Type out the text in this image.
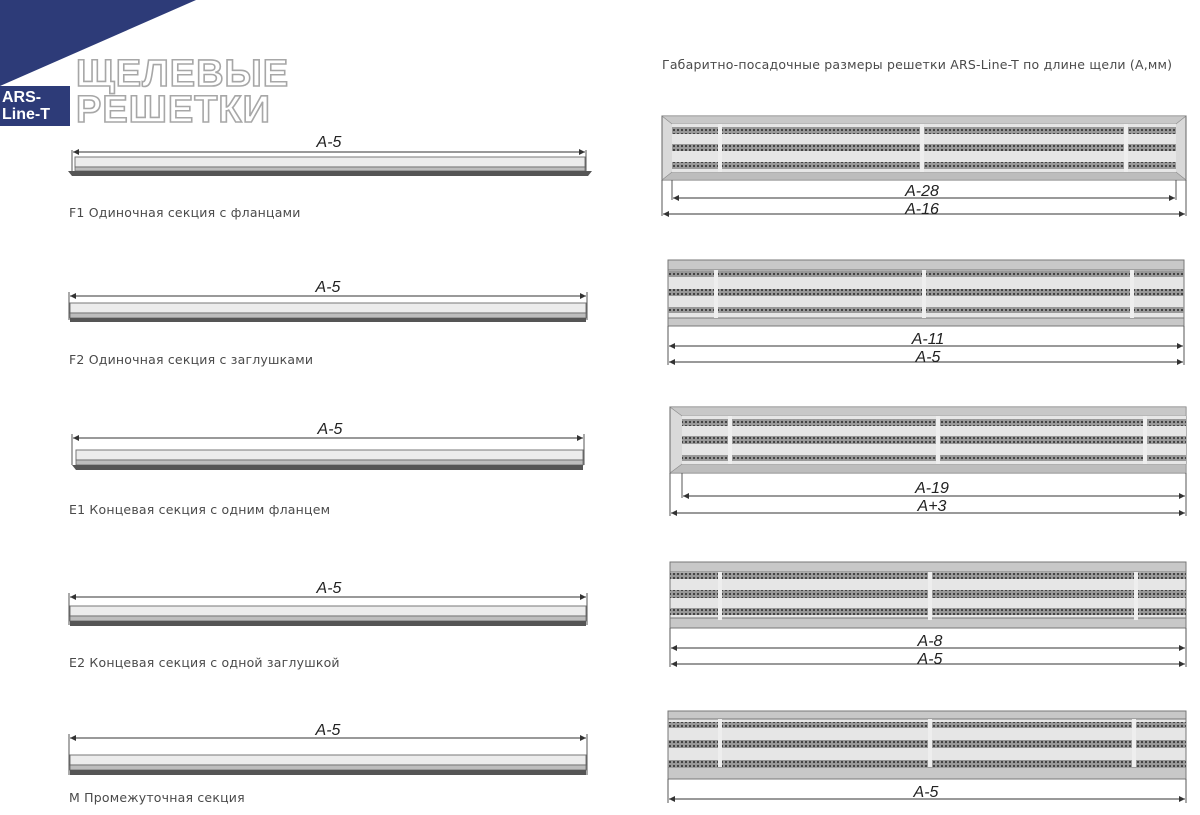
ARS-
Line-T
ЩЕЛЕВЫЕ
РЕШЕТКИ
A-5
A-5
A-5
A-5
A-5
F1 Одиночная секция с фланцами
F2 Одиночная секция с заглушками
E1 Концевая секция с одним фланцем
E2 Концевая секция с одной заглушкой
M Промежуточная секция
Габаритно-посадочные размеры решетки ARS-Line-T по длине щели (А,мм)
A-28
A-16
A-11
A-5
A-19
A+3
A-8
A-5
A-5
